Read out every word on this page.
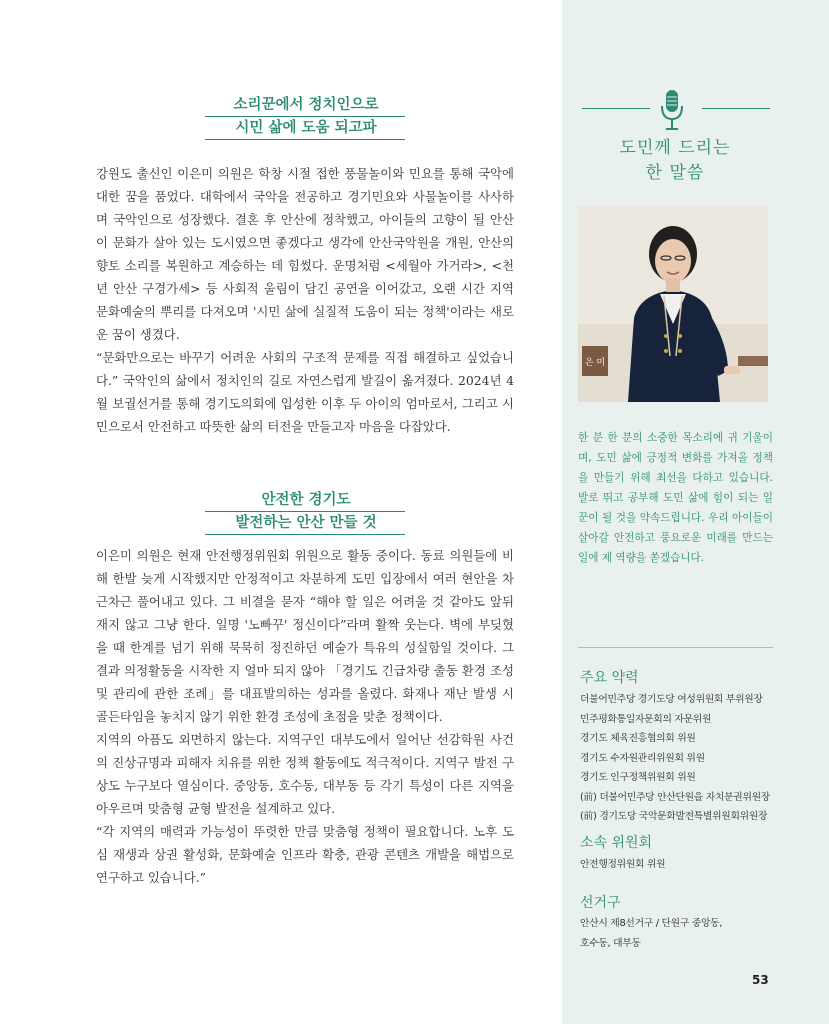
소리꾼에서 정치인으로
시민 삶에 도움 되고파

강원도 출신인 이은미 의원은 학창 시절 접한 풍물놀이와 민요를 통해 국악에 대한 꿈을 품었다. 대학에서 국악을 전공하고 경기민요와 사물놀이를 사사하며 국악인으로 성장했다. 결혼 후 안산에 정착했고, 아이들의 고향이 될 안산이 문화가 살아 있는 도시였으면 좋겠다고 생각에 안산국악원을 개원, 안산의 향토 소리를 복원하고 계승하는 데 힘썼다. 운명처럼 <세월아 가거라>, <천년 안산 구경가세> 등 사회적 울림이 담긴 공연을 이어갔고, 오랜 시간 지역 문화예술의 뿌리를 다져오며 '시민 삶에 실질적 도움이 되는 정책'이라는 새로운 꿈이 생겼다.

“문화만으로는 바꾸기 어려운 사회의 구조적 문제를 직접 해결하고 싶었습니다.” 국악인의 삶에서 정치인의 길로 자연스럽게 발길이 옮겨졌다. 2024년 4월 보궐선거를 통해 경기도의회에 입성한 이후 두 아이의 엄마로서, 그리고 시민으로서 안전하고 따뜻한 삶의 터전을 만들고자 마음을 다잡았다.

안전한 경기도
발전하는 안산 만들 것

이은미 의원은 현재 안전행정위원회 위원으로 활동 중이다. 동료 의원들에 비해 한발 늦게 시작했지만 안정적이고 차분하게 도민 입장에서 여러 현안을 차근차근 풀어내고 있다. 그 비결을 묻자 “해야 할 일은 어려울 것 같아도 앞뒤 재지 않고 그냥 한다. 일명 '노빠꾸' 정신이다”라며 활짝 웃는다. 벽에 부딪혔을 때 한계를 넘기 위해 묵묵히 정진하던 예술가 특유의 성실함일 것이다. 그 결과 의정활동을 시작한 지 얼마 되지 않아 「경기도 긴급차량 출동 환경 조성 및 관리에 관한 조례」를 대표발의하는 성과를 올렸다. 화재나 재난 발생 시 골든타임을 놓치지 않기 위한 환경 조성에 초점을 맞춘 정책이다.

지역의 아픔도 외면하지 않는다. 지역구인 대부도에서 일어난 선감학원 사건의 진상규명과 피해자 치유를 위한 정책 활동에도 적극적이다. 지역구 발전 구상도 누구보다 열심이다. 중앙동, 호수동, 대부동 등 각기 특성이 다른 지역을 아우르며 맞춤형 균형 발전을 설계하고 있다.

“각 지역의 매력과 가능성이 뚜렷한 만큼 맞춤형 정책이 필요합니다. 노후 도심 재생과 상권 활성화, 문화예술 인프라 확충, 관광 콘텐츠 개발을 해법으로 연구하고 있습니다.”

도민께 드리는
한 말씀
은 미
한 분 한 분의 소중한 목소리에 귀 기울이며, 도민 삶에 긍정적 변화를 가져올 정책을 만들기 위해 최선을 다하고 있습니다. 발로 뛰고 공부해 도민 삶에 힘이 되는 일꾼이 될 것을 약속드립니다. 우리 아이들이 살아갈 안전하고 풍요로운 미래를 만드는 일에 제 역량을 쏟겠습니다.
주요 약력
더불어민주당 경기도당 여성위원회 부위원장
민주평화통일자문회의 자문위원
경기도 체육진흥협의회 위원
경기도 수자원관리위원회 위원
경기도 인구정책위원회 위원
(前) 더불어민주당 안산단원을 자치분권위원장
(前) 경기도당 국악문화발전특별위원회위원장
소속 위원회
안전행정위원회 위원
선거구
안산시 제8선거구 / 단원구 중앙동,
호수동, 대부동
53
